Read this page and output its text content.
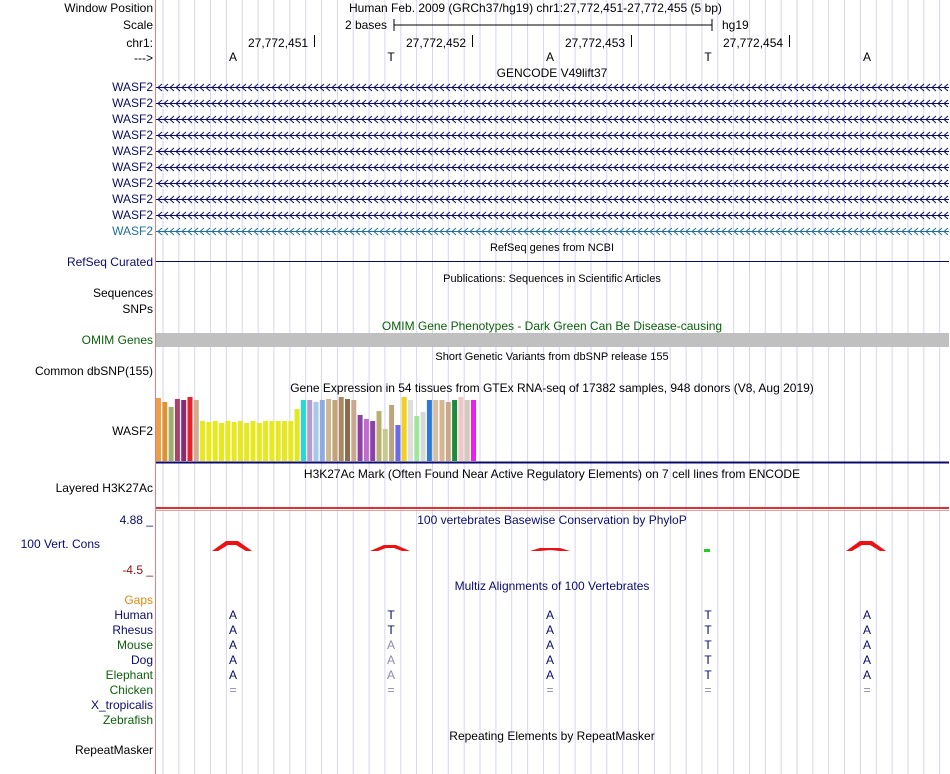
Window Position	Human Feb. 2009 (GRCh37/hg19) chr1:27,772,451-27,772,455 (5 bp)
Scale	2 bases	hg19
chr1:	27,772,451	27,772,452	27,772,453	27,772,454
--->	A	T	A	T	A
GENCODE V49lift37
WASF2
WASF2
WASF2
WASF2
WASF2
WASF2
WASF2
WASF2
WASF2
WASF2
RefSeq genes from NCBI
RefSeq Curated
Publications: Sequences in Scientific Articles
Sequences
SNPs
OMIM Gene Phenotypes - Dark Green Can Be Disease-causing
OMIM Genes
Short Genetic Variants from dbSNP release 155
Common dbSNP(155)
Gene Expression in 54 tissues from GTEx RNA-seq of 17382 samples, 948 donors (V8, Aug 2019)
WASF2
H3K27Ac Mark (Often Found Near Active Regulatory Elements) on 7 cell lines from ENCODE
Layered H3K27Ac
100 vertebrates Basewise Conservation by PhyloP
4.88 _
100 Vert. Cons
-4.5 _
Multiz Alignments of 100 Vertebrates
Gaps
Human	A	T	A	T	A
Rhesus	A	T	A	T	A
Mouse	A	A	A	T	A
Dog	A	A	A	T	A
Elephant	A	A	A	T	A
Chicken	=	=	=	=	=
X_tropicalis
Zebrafish
Repeating Elements by RepeatMasker
RepeatMasker
